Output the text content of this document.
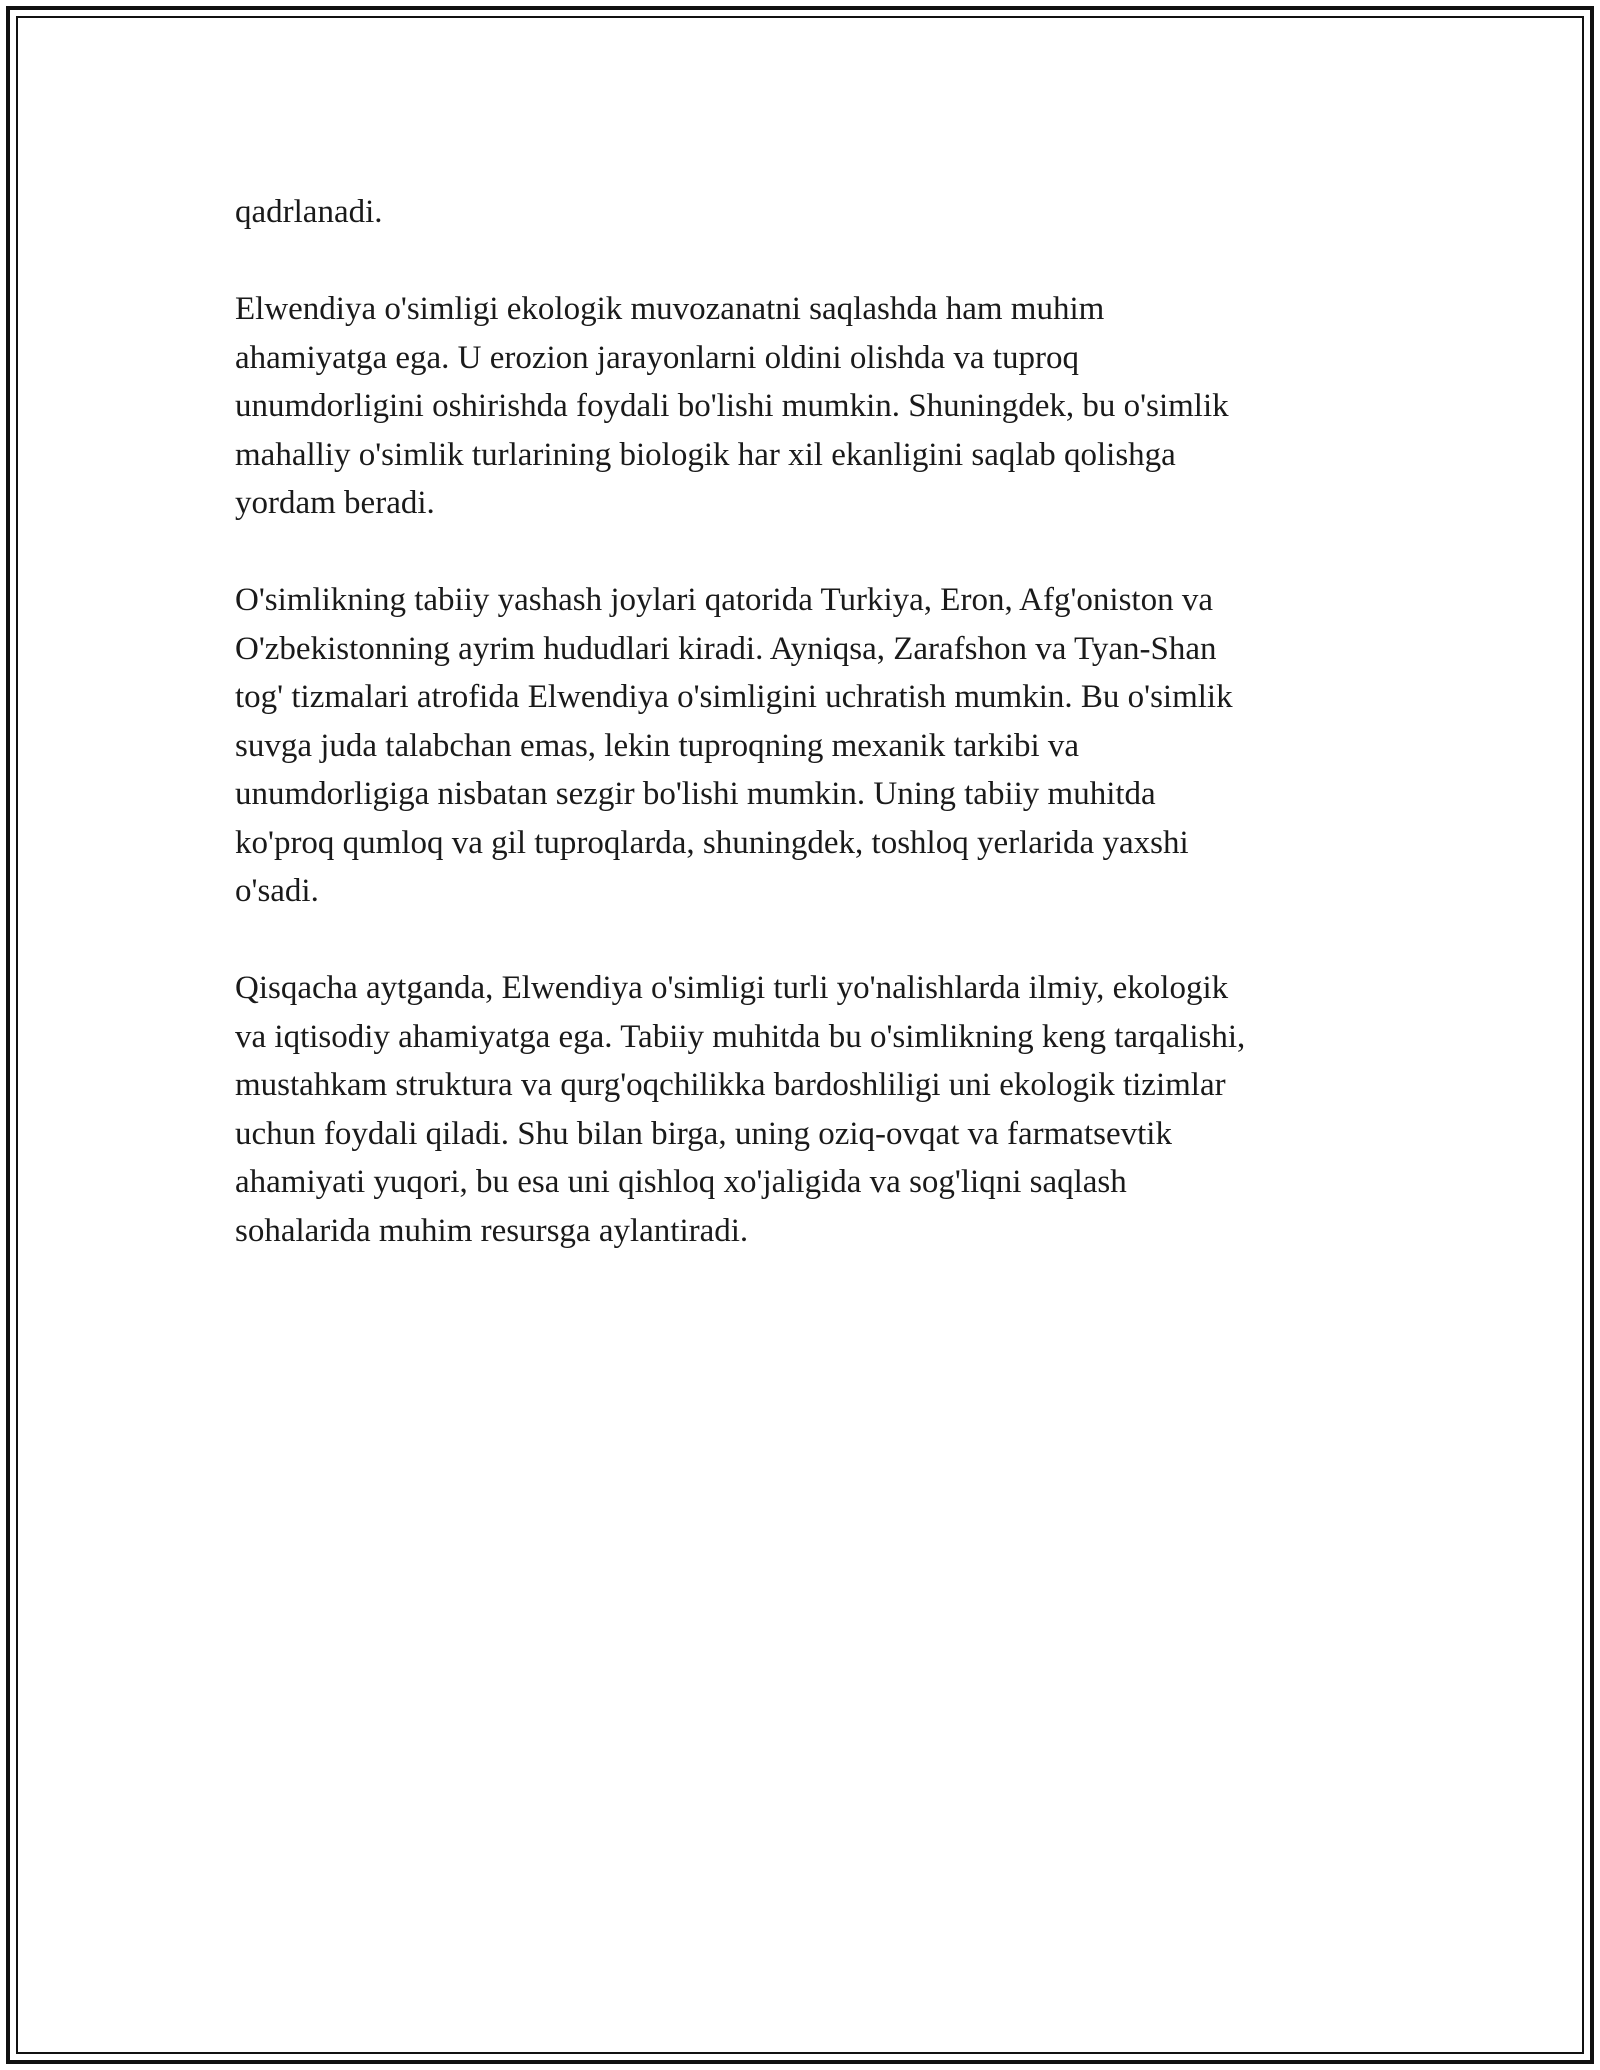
qadrlanadi.

Elwendiya o'simligi ekologik muvozanatni saqlashda ham muhim
ahamiyatga ega. U erozion jarayonlarni oldini olishda va tuproq
unumdorligini oshirishda foydali bo'lishi mumkin. Shuningdek, bu o'simlik
mahalliy o'simlik turlarining biologik har xil ekanligini saqlab qolishga
yordam beradi.

O'simlikning tabiiy yashash joylari qatorida Turkiya, Eron, Afg'oniston va
O'zbekistonning ayrim hududlari kiradi. Ayniqsa, Zarafshon va Tyan-Shan
tog' tizmalari atrofida Elwendiya o'simligini uchratish mumkin. Bu o'simlik
suvga juda talabchan emas, lekin tuproqning mexanik tarkibi va
unumdorligiga nisbatan sezgir bo'lishi mumkin. Uning tabiiy muhitda
ko'proq qumloq va gil tuproqlarda, shuningdek, toshloq yerlarida yaxshi
o'sadi.

Qisqacha aytganda, Elwendiya o'simligi turli yo'nalishlarda ilmiy, ekologik
va iqtisodiy ahamiyatga ega. Tabiiy muhitda bu o'simlikning keng tarqalishi,
mustahkam struktura va qurg'oqchilikka bardoshliligi uni ekologik tizimlar
uchun foydali qiladi. Shu bilan birga, uning oziq-ovqat va farmatsevtik
ahamiyati yuqori, bu esa uni qishloq xo'jaligida va sog'liqni saqlash
sohalarida muhim resursga aylantiradi.
